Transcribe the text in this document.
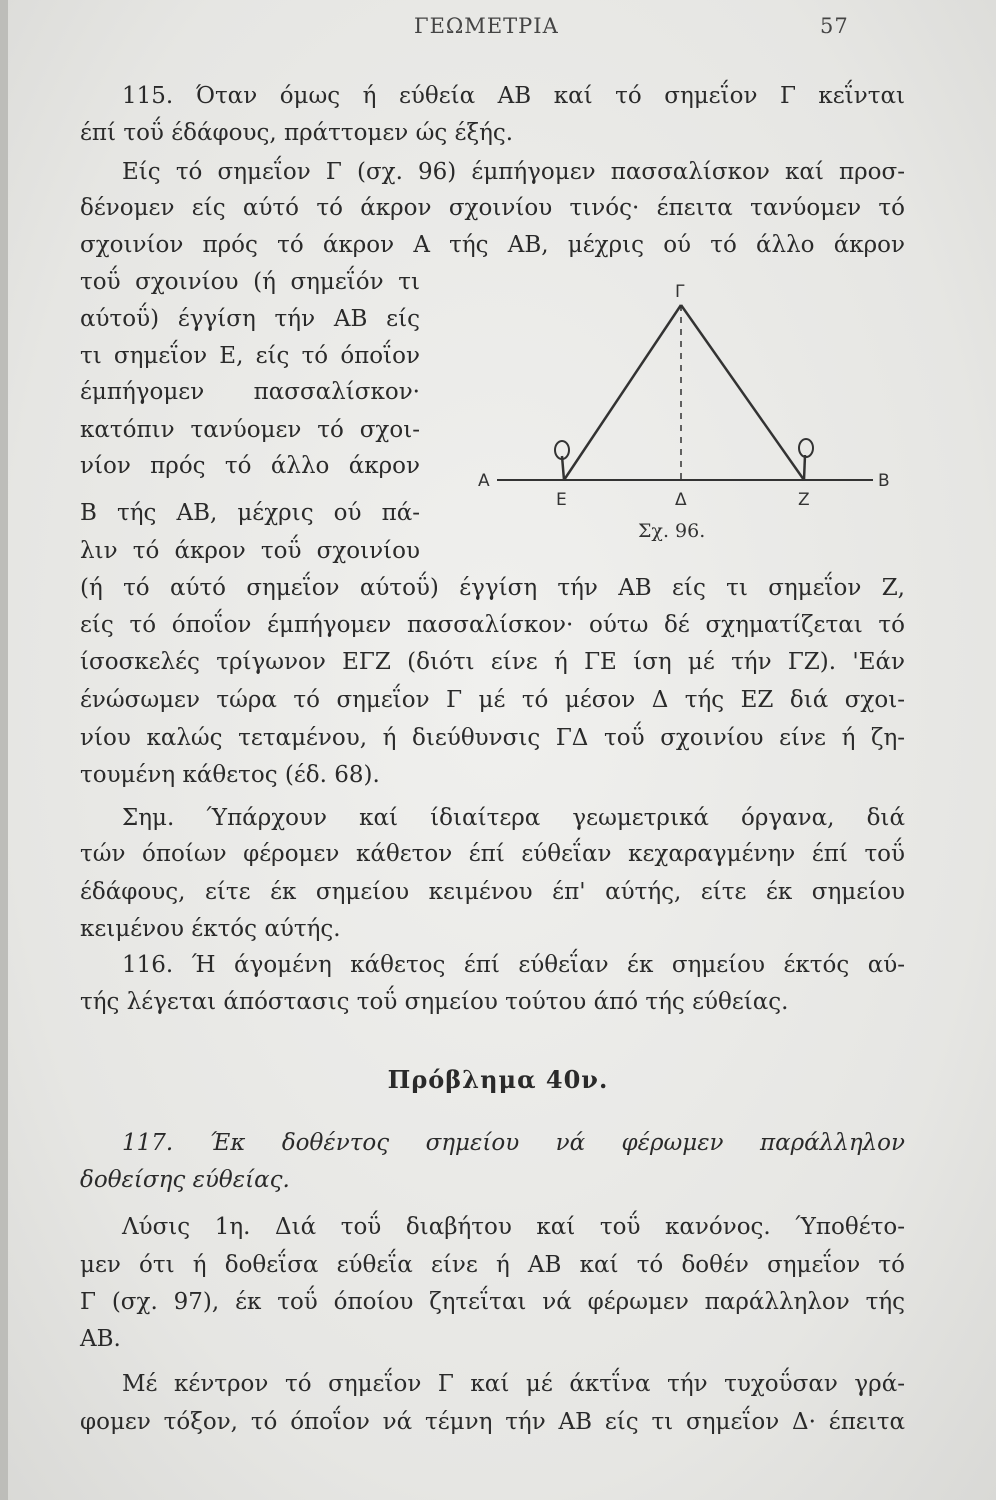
ΓΕΩΜΕΤΡΙΑ	57
115. Όταν όμως ή εύθεία ΑΒ καί τό σημεΐον Γ κεΐνται
έπί τοΰ έδάφους, πράττομεν ώς έξής.
Είς τό σημεΐον Γ (σχ. 96) έμπήγομεν πασσαλίσκον καί προσ-
δένομεν είς αύτό τό άκρον σχοινίου τινός· έπειτα τανύομεν τό
σχοινίον πρός τό άκρον Α τής ΑΒ, μέχρις ού τό άλλο άκρον
τοΰ σχοινίου (ή σημεΐόν τι
αύτοΰ) έγγίση τήν ΑΒ είς
τι σημεΐον Ε, είς τό όποΐον
έμπήγομεν πασσαλίσκον·
κατόπιν τανύομεν τό σχοι-
νίον πρός τό άλλο άκρον
Β τής ΑΒ, μέχρις ού πά-
λιν τό άκρον τοΰ σχοινίου
(ή τό αύτό σημεΐον αύτοΰ) έγγίση τήν ΑΒ είς τι σημεΐον Ζ,
είς τό όποΐον έμπήγομεν πασσαλίσκον· ούτω δέ σχηματίζεται τό
ίσοσκελές τρίγωνον ΕΓΖ (διότι είνε ή ΓΕ ίση μέ τήν ΓΖ). 'Εάν
ένώσωμεν τώρα τό σημεΐον Γ μέ τό μέσον Δ τής ΕΖ διά σχοι-
νίου καλώς τεταμένου, ή διεύθυνσις ΓΔ τοΰ σχοινίου είνε ή ζη-
τουμένη κάθετος (έδ. 68).
Σημ. Ύπάρχουν καί ίδιαίτερα γεωμετρικά όργανα, διά
τών όποίων φέρομεν κάθετον έπί εύθεΐαν κεχαραγμένην έπί τοΰ
έδάφους, είτε έκ σημείου κειμένου έπ' αύτής, είτε έκ σημείου
κειμένου έκτός αύτής.
116. Ή άγομένη κάθετος έπί εύθεΐαν έκ σημείου έκτός αύ-
τής λέγεται άπόστασις τοΰ σημείου τούτου άπό τής εύθείας.
Πρόβλημα 40ν.
117. Έκ δοθέντος σημείου νά φέρωμεν παράλληλον
δοθείσης εύθείας.
Λύσις 1η. Διά τοΰ διαβήτου καί τοΰ κανόνος. Ύποθέτο-
μεν ότι ή δοθεΐσα εύθεΐα είνε ή ΑΒ καί τό δοθέν σημεΐον τό
Γ (σχ. 97), έκ τοΰ όποίου ζητεΐται νά φέρωμεν παράλληλον τής
ΑΒ.
Μέ κέντρον τό σημεΐον Γ καί μέ άκτΐνα τήν τυχοΰσαν γρά-
φομεν τόξον, τό όποΐον νά τέμνη τήν ΑΒ είς τι σημεΐον Δ· έπειτα
Α	Β
Γ
Ε	Δ	Ζ
Σχ. 96.
